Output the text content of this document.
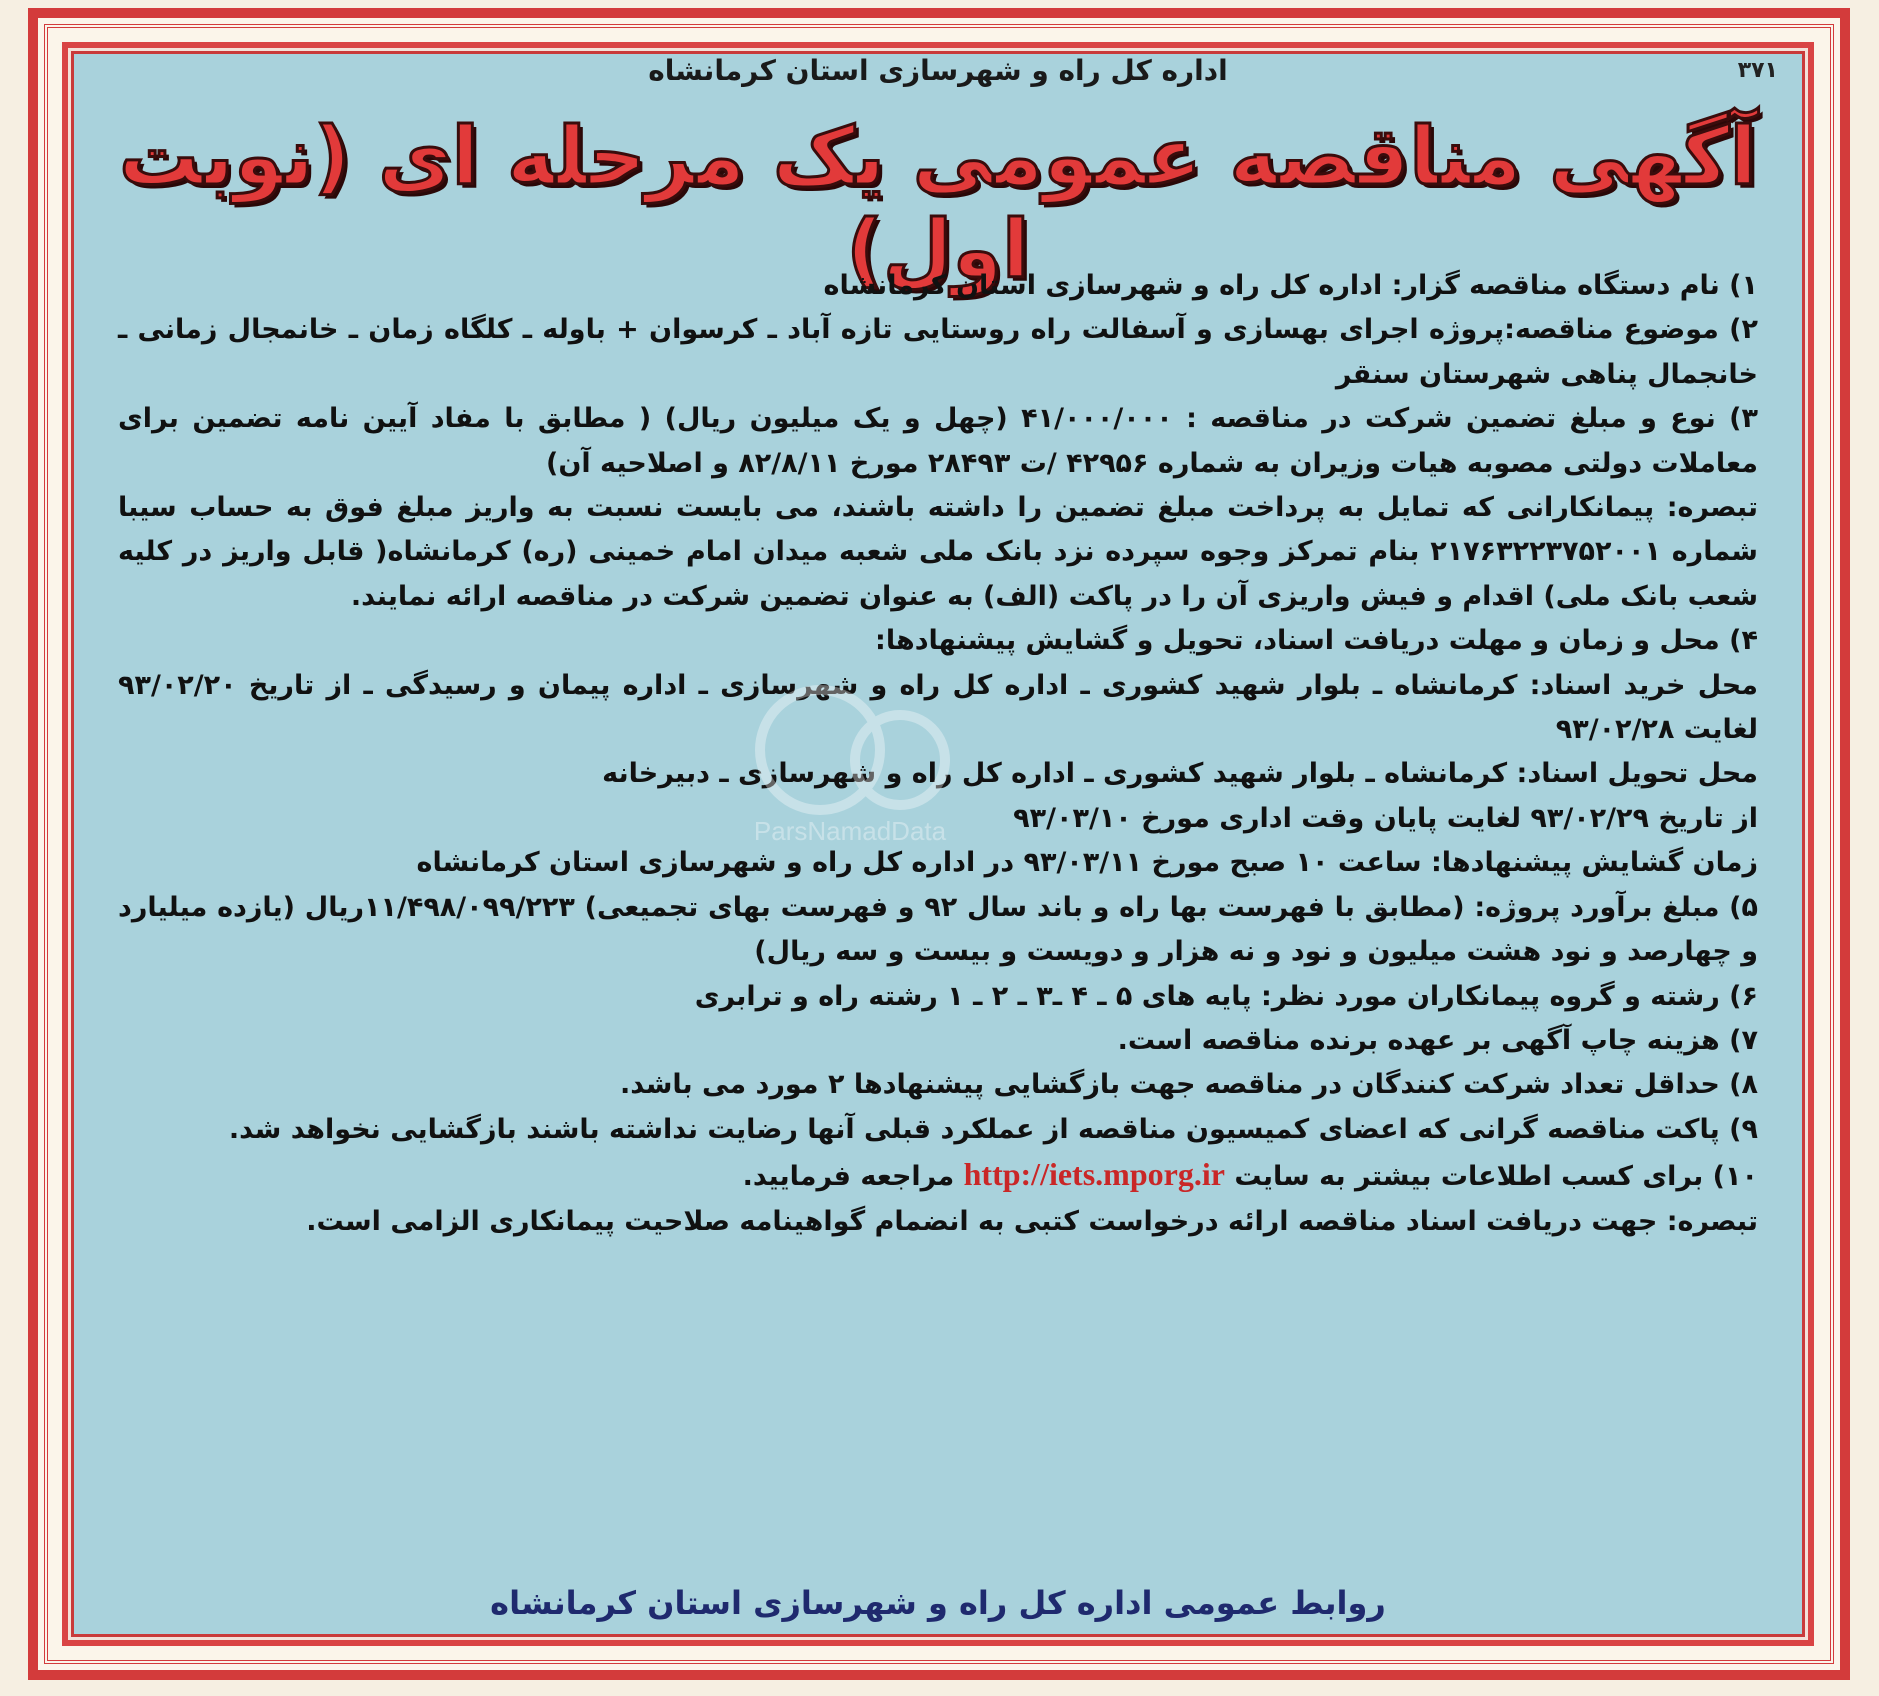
۳۷۱
اداره کل راه و شهرسازی استان کرمانشاه
آگهی مناقصه عمومی یک مرحله ای (نوبت اول)

۱) نام دستگاه مناقصه گزار: اداره کل راه و شهرسازی استان کرمانشاه

۲) موضوع مناقصه:پروژه اجرای بهسازی و آسفالت راه روستایی تازه آباد ـ کرسوان + باوله ـ کلگاه زمان ـ خانمجال زمانی ـ خانجمال پناهی شهرستان سنقر

۳) نوع و مبلغ تضمین شرکت در مناقصه : ۴۱/۰۰۰/۰۰۰ (چهل و یک میلیون ریال) ( مطابق با مفاد آیین نامه تضمین برای معاملات دولتی مصوبه هیات وزیران به شماره ۴۲۹۵۶ /ت ۲۸۴۹۳ مورخ ۸۲/۸/۱۱ و اصلاحیه آن)

تبصره: پیمانکارانی که تمایل به پرداخت مبلغ تضمین را داشته باشند، می بایست نسبت به واریز مبلغ فوق به حساب سیبا شماره ۲۱۷۶۳۲۲۳۷۵۲۰۰۱ بنام تمرکز وجوه سپرده نزد بانک ملی شعبه میدان امام خمینی (ره) کرمانشاه( قابل واریز در کلیه شعب بانک ملی) اقدام و فیش واریزی آن را در پاکت (الف) به عنوان تضمین شرکت در مناقصه ارائه نمایند.

۴) محل و زمان و مهلت دریافت اسناد، تحویل و گشایش پیشنهادها:

محل خرید اسناد: کرمانشاه ـ بلوار شهید کشوری ـ اداره کل راه و شهرسازی ـ اداره پیمان و رسیدگی ـ از تاریخ ۹۳/۰۲/۲۰ لغایت ۹۳/۰۲/۲۸

محل تحویل اسناد: کرمانشاه ـ بلوار شهید کشوری ـ اداره کل راه و شهرسازی ـ دبیرخانه

از تاریخ ۹۳/۰۲/۲۹ لغایت پایان وقت اداری مورخ ۹۳/۰۳/۱۰

زمان گشایش پیشنهادها: ساعت ۱۰ صبح مورخ ۹۳/۰۳/۱۱ در اداره کل راه و شهرسازی استان کرمانشاه

۵) مبلغ برآورد پروژه: (مطابق با فهرست بها راه و باند سال ۹۲ و فهرست بهای تجمیعی) ۱۱/۴۹۸/۰۹۹/۲۲۳ریال (یازده میلیارد و چهارصد و نود هشت میلیون و نود و نه هزار و دویست و بیست و سه ریال)

۶) رشته و گروه پیمانکاران مورد نظر: پایه های ۵ ـ ۴ ـ۳ ـ ۲ ـ ۱ رشته راه و ترابری

۷) هزینه چاپ آگهی بر عهده برنده مناقصه است.

۸) حداقل تعداد شرکت کنندگان در مناقصه جهت بازگشایی پیشنهادها ۲ مورد می باشد.

۹) پاکت مناقصه گرانی که اعضای کمیسیون مناقصه از عملکرد قبلی آنها رضایت نداشته باشند بازگشایی نخواهد شد.

۱۰) برای کسب اطلاعات بیشتر به سایت http://iets.mporg.ir مراجعه فرمایید.

تبصره: جهت دریافت اسناد مناقصه ارائه درخواست کتبی به انضمام گواهینامه صلاحیت پیمانکاری الزامی است.

روابط عمومی اداره کل راه و شهرسازی استان کرمانشاه
ParsNamadData
